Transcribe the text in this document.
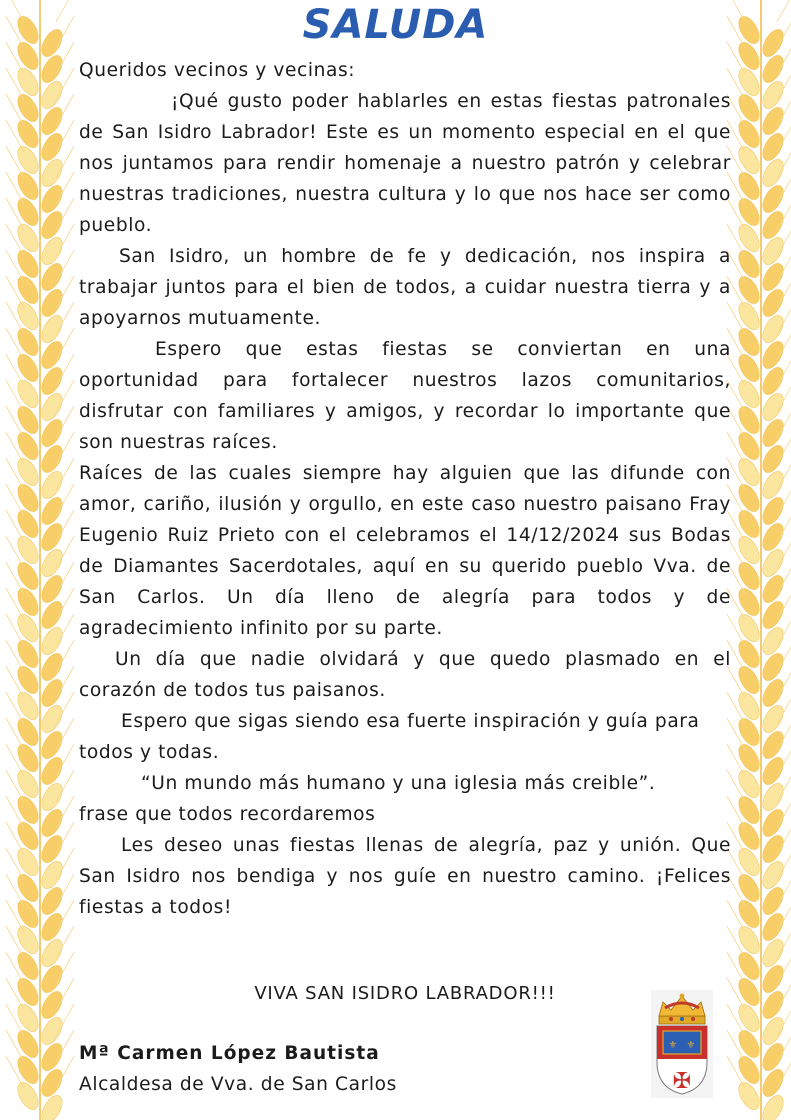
SALUDA

Queridos vecinos y vecinas:

¡Qué gusto poder hablarles en estas fiestas patronales de San Isidro Labrador! Este es un momento especial en el que nos juntamos para rendir homenaje a nuestro patrón y celebrar nuestras tradiciones, nuestra cultura y lo que nos hace ser como pueblo.

San Isidro, un hombre de fe y dedicación, nos inspira a trabajar juntos para el bien de todos, a cuidar nuestra tierra y a apoyarnos mutuamente.

Espero que estas fiestas se conviertan en una oportunidad para fortalecer nuestros lazos comunitarios, disfrutar con familiares y amigos, y recordar lo importante que son nuestras raíces.

Raíces de las cuales siempre hay alguien que las difunde con amor, cariño, ilusión y orgullo, en este caso nuestro paisano Fray Eugenio Ruiz Prieto con el celebramos el 14/12/2024 sus Bodas de Diamantes Sacerdotales, aquí en su querido pueblo Vva. de San Carlos. Un día lleno de alegría para todos y de agradecimiento infinito por su parte.

Un día que nadie olvidará y que quedo plasmado en el corazón de todos tus paisanos.

Espero que sigas siendo esa fuerte inspiración y guía para todos y todas.

“Un mundo más humano y una iglesia más creible”.

frase que todos recordaremos

Les deseo unas fiestas llenas de alegría, paz y unión. Que San Isidro nos bendiga y nos guíe en nuestro camino. ¡Felices fiestas a todos!

VIVA SAN ISIDRO LABRADOR!!!
Mª Carmen López Bautista
Alcaldesa de Vva. de San Carlos
⚜ ⚜
✠
